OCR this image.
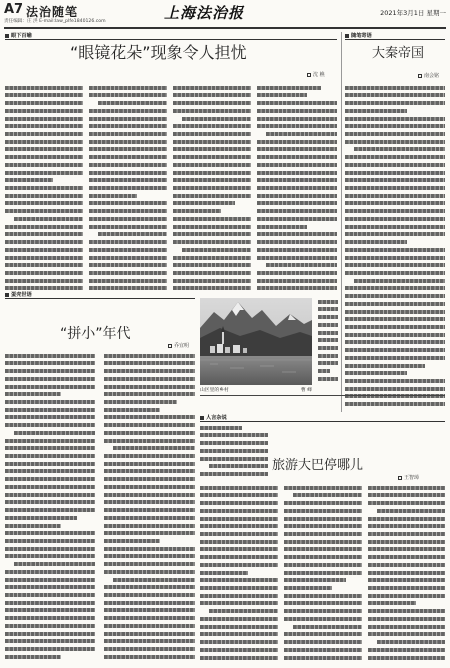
A7 法治随笔
责任编辑：庄 洪 E-mail:law_plfe1840126.com	上海法治报	2021年3月1日 星期一
眼下百喻
“眼镜花朵”现象令人担忧
沈 樵
随笔寄语
大秦帝国
南会铭
蛋壳世语
“拼小”年代
乔宜明
山区里的乡村	曹 峰
人言杂说
旅游大巴停哪儿
王智璋
